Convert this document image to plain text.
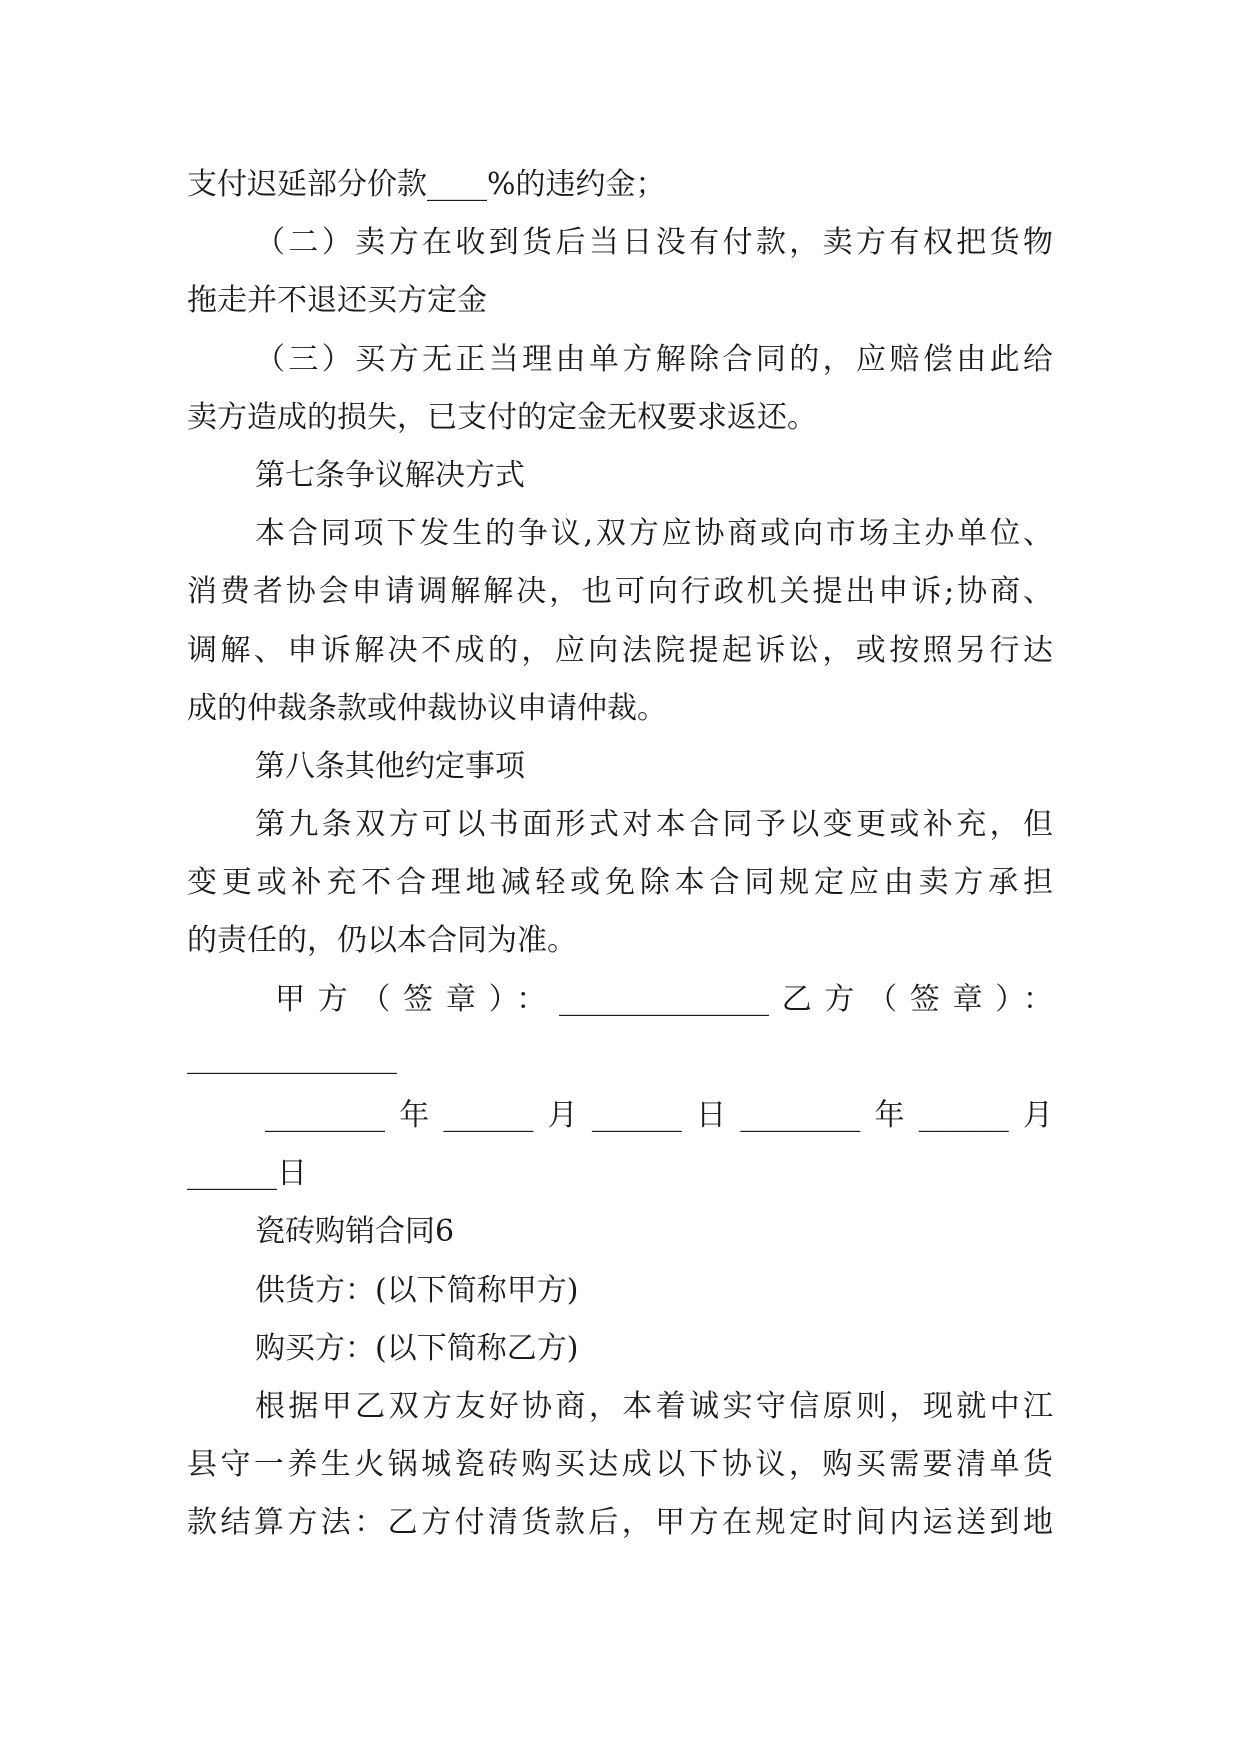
支付迟延部分价款____%的违约金；
（二）卖方在收到货后当日没有付款，卖方有权把货物
拖走并不退还买方定金
（三）买方无正当理由单方解除合同的，应赔偿由此给
卖方造成的损失，已支付的定金无权要求返还。
第七条争议解决方式
本合同项下发生的争议,双方应协商或向市场主办单位、
消费者协会申请调解解决，也可向行政机关提出申诉;协商、
调解、申诉解决不成的，应向法院提起诉讼，或按照另行达
成的仲裁条款或仲裁协议申请仲裁。
第八条其他约定事项
第九条双方可以书面形式对本合同予以变更或补充，但
变更或补充不合理地减轻或免除本合同规定应由卖方承担
的责任的，仍以本合同为准。
甲方（签章）：______________乙方（签章）：
______________
________年______月______日________年______月
______日
瓷砖购销合同6
供货方：(以下简称甲方)
购买方：(以下简称乙方)
根据甲乙双方友好协商，本着诚实守信原则，现就中江
县守一养生火锅城瓷砖购买达成以下协议，购买需要清单货
款结算方法：乙方付清货款后，甲方在规定时间内运送到地
